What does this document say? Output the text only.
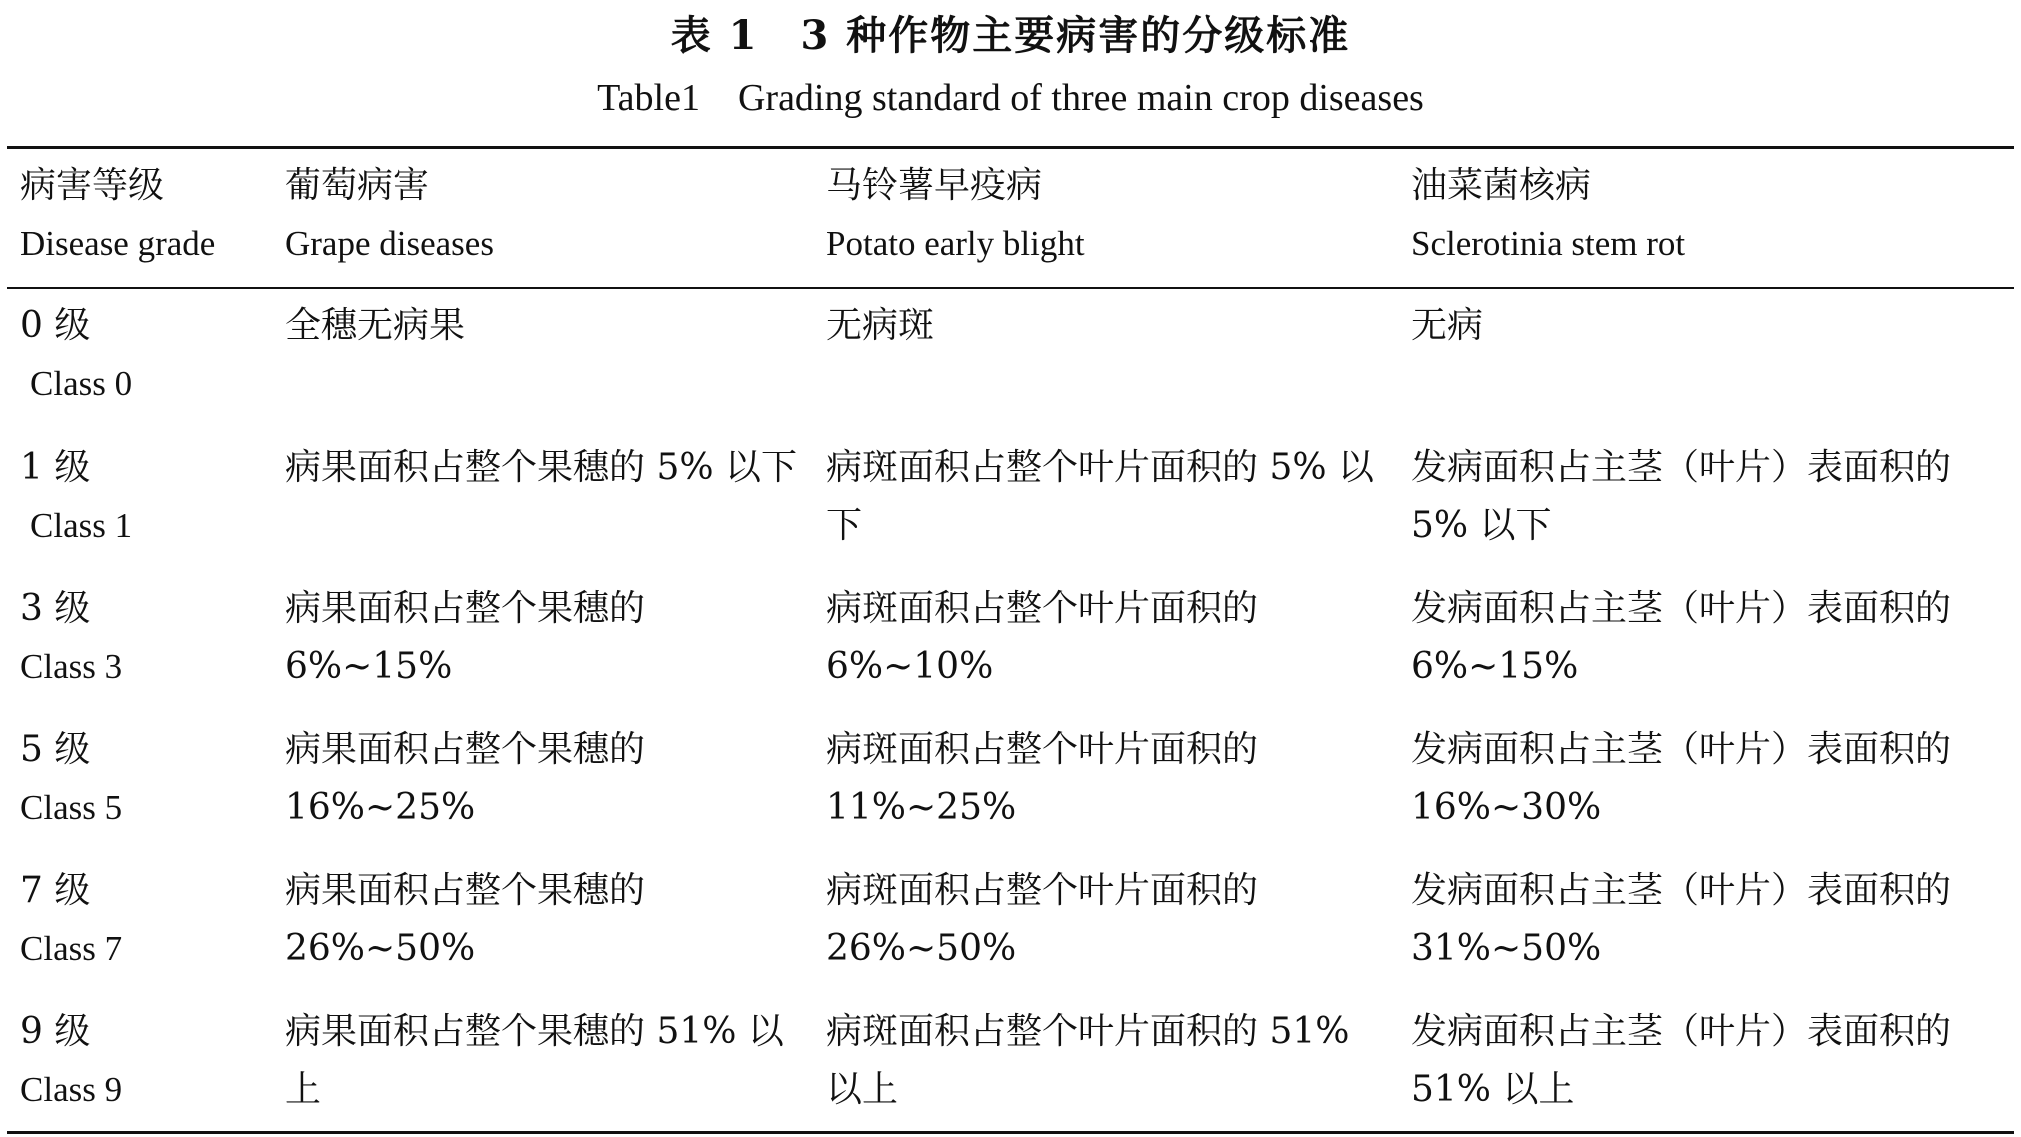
表 1　3 种作物主要病害的分级标准
Table1　Grading standard of three main crop diseases
病害等级
Disease grade
葡萄病害
Grape diseases
马铃薯早疫病
Potato early blight
油菜菌核病
Sclerotinia stem rot
0 级
Class 0
全穗无病果	无病斑	无病
1 级
Class 1
病果面积占整个果穗的 5% 以下 病斑面积占整个叶片面积的 5% 以下
发病面积占主茎（叶片）表面积的 5% 以下
3 级
Class 3
病果面积占整个果穗的 6%~15%
病斑面积占整个叶片面积的 6%~10%
发病面积占主茎（叶片）表面积的 6%~15%
5 级
Class 5
病果面积占整个果穗的 16%~25%
病斑面积占整个叶片面积的 11%~25%
发病面积占主茎（叶片）表面积的 16%~30%
7 级
Class 7
病果面积占整个果穗的 26%~50%
病斑面积占整个叶片面积的 26%~50%
发病面积占主茎（叶片）表面积的 31%~50%
9 级
Class 9
病果面积占整个果穗的 51% 以上
病斑面积占整个叶片面积的 51% 以上
发病面积占主茎（叶片）表面积的 51% 以上
